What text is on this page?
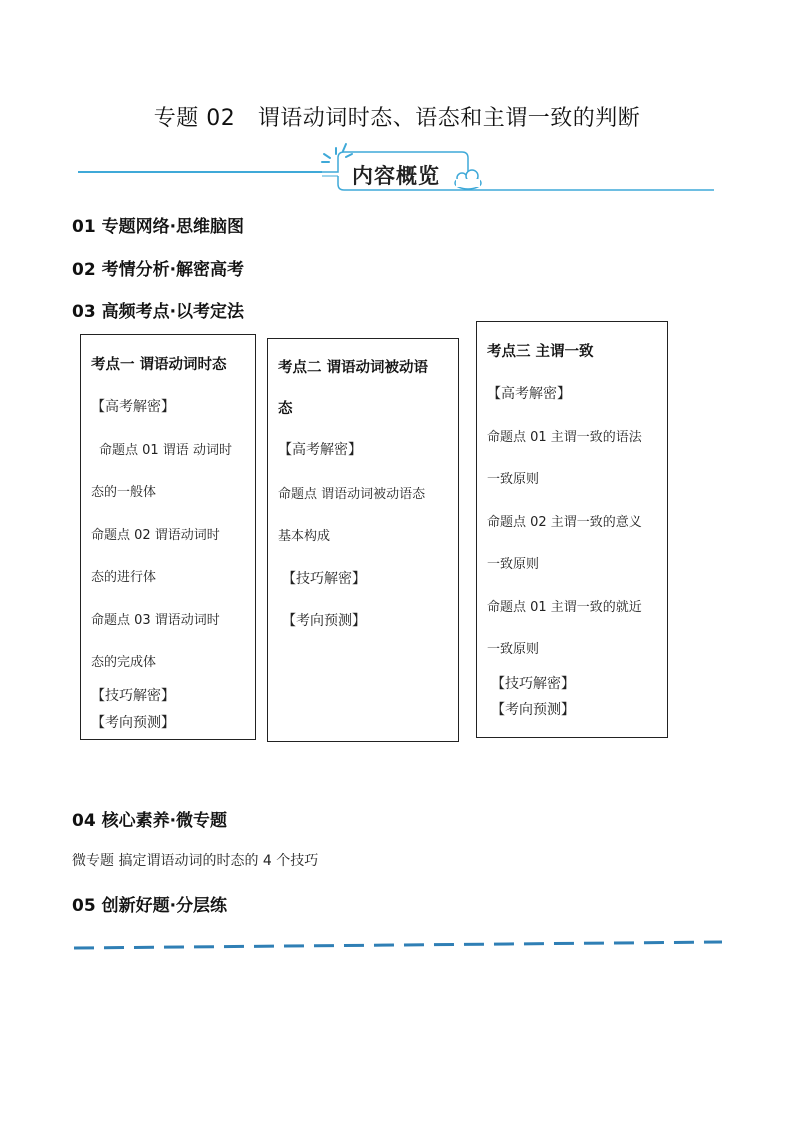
专题 02　谓语动词时态、语态和主谓一致的判断
内容概览
01 专题网络·思维脑图
02 考情分析·解密高考
03 高频考点·以考定法
考点一 谓语动词时态
【高考解密】
命题点 01 谓语 动词时
态的一般体
命题点 02 谓语动词时
态的进行体
命题点 03 谓语动词时
态的完成体
【技巧解密】
【考向预测】
考点二 谓语动词被动语
态
【高考解密】
命题点 谓语动词被动语态
基本构成
【技巧解密】
【考向预测】
考点三 主谓一致
【高考解密】
命题点 01 主谓一致的语法
一致原则
命题点 02 主谓一致的意义
一致原则
命题点 01 主谓一致的就近
一致原则
【技巧解密】
【考向预测】
04 核心素养·微专题
微专题 搞定谓语动词的时态的 4 个技巧
05 创新好题·分层练
